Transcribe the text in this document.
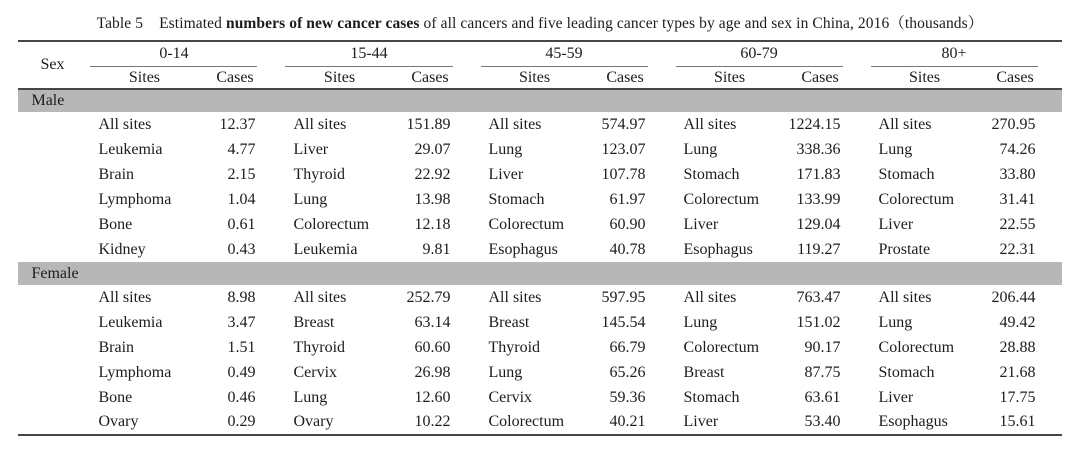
Table 5 Estimated numbers of new cancer cases of all cancers and five leading cancer types by age and sex in China, 2016（thousands）
Sex	0-14		15-44		45-59		60-79		80+	

	Sites	Cases	Sites	Cases	Sites	Cases	Sites	Cases	Sites	Cases
Male										
	All sites	12.37	All sites	151.89	All sites	574.97	All sites	1224.15	All sites	270.95
	Leukemia	4.77	Liver	29.07	Lung	123.07	Lung	338.36	Lung	74.26
	Brain	2.15	Thyroid	22.92	Liver	107.78	Stomach	171.83	Stomach	33.80
	Lymphoma	1.04	Lung	13.98	Stomach	61.97	Colorectum	133.99	Colorectum	31.41
	Bone	0.61	Colorectum	12.18	Colorectum	60.90	Liver	129.04	Liver	22.55
	Kidney	0.43	Leukemia	9.81	Esophagus	40.78	Esophagus	119.27	Prostate	22.31
Female										
	All sites	8.98	All sites	252.79	All sites	597.95	All sites	763.47	All sites	206.44
	Leukemia	3.47	Breast	63.14	Breast	145.54	Lung	151.02	Lung	49.42
	Brain	1.51	Thyroid	60.60	Thyroid	66.79	Colorectum	90.17	Colorectum	28.88
	Lymphoma	0.49	Cervix	26.98	Lung	65.26	Breast	87.75	Stomach	21.68
	Bone	0.46	Lung	12.60	Cervix	59.36	Stomach	63.61	Liver	17.75
	Ovary	0.29	Ovary	10.22	Colorectum	40.21	Liver	53.40	Esophagus	15.61
